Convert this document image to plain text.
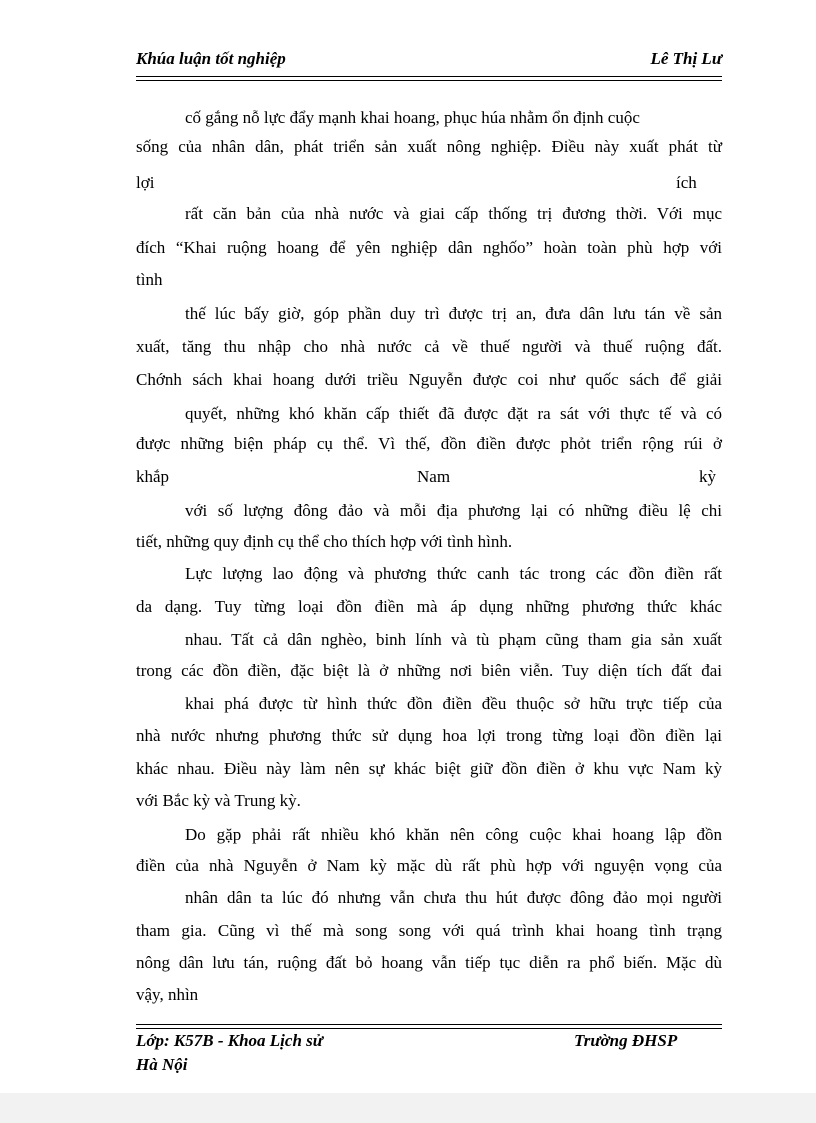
Khúa luận tốt nghiệp	Lê Thị Lư
cố gắng nỗ lực đẩy mạnh khai hoang, phục húa nhằm ổn định cuộc
sống của nhân dân, phát triển sản xuất nông nghiệp. Điều này xuất phát từ
lợi	ích
rất căn bản của nhà nước và giai cấp thống trị đương thời. Với mục
đích “Khai ruộng hoang để yên nghiệp dân nghốo” hoàn toàn phù hợp với
tình
thế lúc bấy giờ, góp phần duy trì được trị an, đưa dân lưu tán về sản
xuất, tăng thu nhập cho nhà nước cả về thuế người và thuế ruộng đất.
Chớnh sách khai hoang dưới triều Nguyễn được coi như quốc sách để giải
quyết, những khó khăn cấp thiết đã được đặt ra sát với thực tế và có
được những biện pháp cụ thể. Vì thế, đồn điền được phỏt triển rộng rúi ở
khắp	Nam	kỳ
với số lượng đông đảo và mỗi địa phương lại có những điều lệ chi
tiết, những quy định cụ thể cho thích hợp với tình hình.
Lực lượng lao động và phương thức canh tác trong các đồn điền rất
da dạng. Tuy từng loại đồn điền mà áp dụng những phương thức khác
nhau. Tất cả dân nghèo, binh lính và tù phạm cũng tham gia sản xuất
trong các đồn điền, đặc biệt là ở những nơi biên viễn. Tuy diện tích đất đai
khai phá được từ hình thức đồn điền đều thuộc sở hữu trực tiếp của
nhà nước nhưng phương thức sử dụng hoa lợi trong từng loại đồn điền lại
khác nhau. Điều này làm nên sự khác biệt giữ đồn điền ở khu vực Nam kỳ
với Bắc kỳ và Trung kỳ.
Do gặp phải rất nhiều khó khăn nên công cuộc khai hoang lập đồn
điền của nhà Nguyễn ở Nam kỳ mặc dù rất phù hợp với nguyện vọng của
nhân dân ta lúc đó nhưng vẫn chưa thu hút được đông đảo mọi người
tham gia. Cũng vì thế mà song song với quá trình khai hoang tình trạng
nông dân lưu tán, ruộng đất bỏ hoang vẫn tiếp tục diễn ra phổ biến. Mặc dù
vậy, nhìn
Lớp: K57B - Khoa Lịch sử	Trường ĐHSP
Hà Nội
